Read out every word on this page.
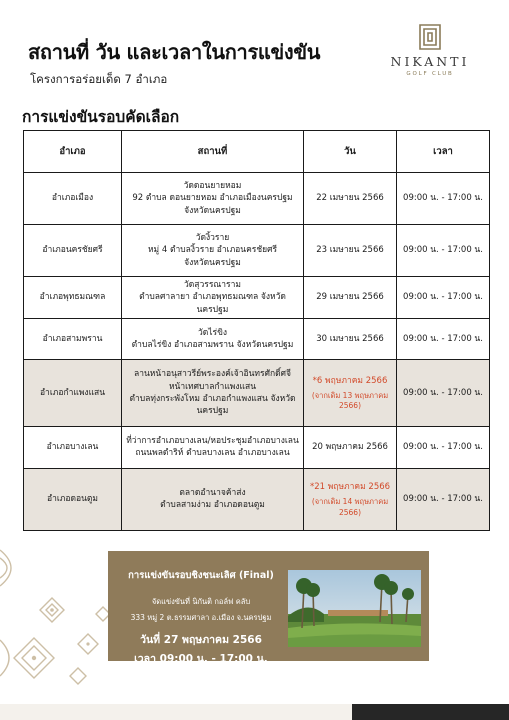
สถานที่ วัน และเวลาในการแข่งขัน
โครงการอร่อยเด็ด 7 อำเภอ
NIKANTI
GOLF CLUB
การแข่งขันรอบคัดเลือก
อำเภอ	สถานที่	วัน	เวลา
อำเภอเมือง	วัดดอนยายหอม
92 ตำบล ดอนยายหอม อำเภอเมืองนครปฐม
จังหวัดนครปฐม	22 เมษายน 2566	09:00 น. - 17:00 น.
อำเภอนครชัยศรี	วัดงิ้วราย
หมู่ 4 ตำบลงิ้วราย อำเภอนครชัยศรี
จังหวัดนครปฐม	23 เมษายน 2566	09:00 น. - 17:00 น.
อำเภอพุทธมณฑล	วัดสุวรรณาราม
ตำบลศาลายา อำเภอพุทธมณฑล จังหวัดนครปฐม	29 เมษายน 2566	09:00 น. - 17:00 น.
อำเภอสามพราน	วัดไร่ขิง
ตำบลไร่ขิง อำเภอสามพราน จังหวัดนครปฐม	30 เมษายน 2566	09:00 น. - 17:00 น.
อำเภอกำแพงแสน	ลานหน้าอนุสาวรีย์พระองค์เจ้าอินทรศักดิ์ศจี
หน้าเทศบาลกำแพงแสน
ตำบลทุ่งกระพังโหม อำเภอกำแพงแสน จังหวัด
นครปฐม	*6 พฤษภาคม 2566
(จากเดิม 13 พฤษภาคม 2566)	09:00 น. - 17:00 น.
อำเภอบางเลน	ที่ว่าการอำเภอบางเลน/หอประชุมอำเภอบางเลน
ถนนพลดำริห์ ตำบลบางเลน อำเภอบางเลน	20 พฤษภาคม 2566	09:00 น. - 17:00 น.
อำเภอดอนตูม	ตลาดอำนาจค้าส่ง
ตำบลสามง่าม อำเภอดอนตูม	*21 พฤษภาคม 2566
(จากเดิม 14 พฤษภาคม 2566)	09:00 น. - 17:00 น.
การแข่งขันรอบชิงชนะเลิศ (Final)
จัดแข่งขันที่ นิกันติ กอล์ฟ คลับ
333 หมู่ 2 ต.ธรรมศาลา อ.เมือง จ.นครปฐม
วันที่ 27 พฤษภาคม 2566
เวลา 09:00 น. - 17:00 น.
